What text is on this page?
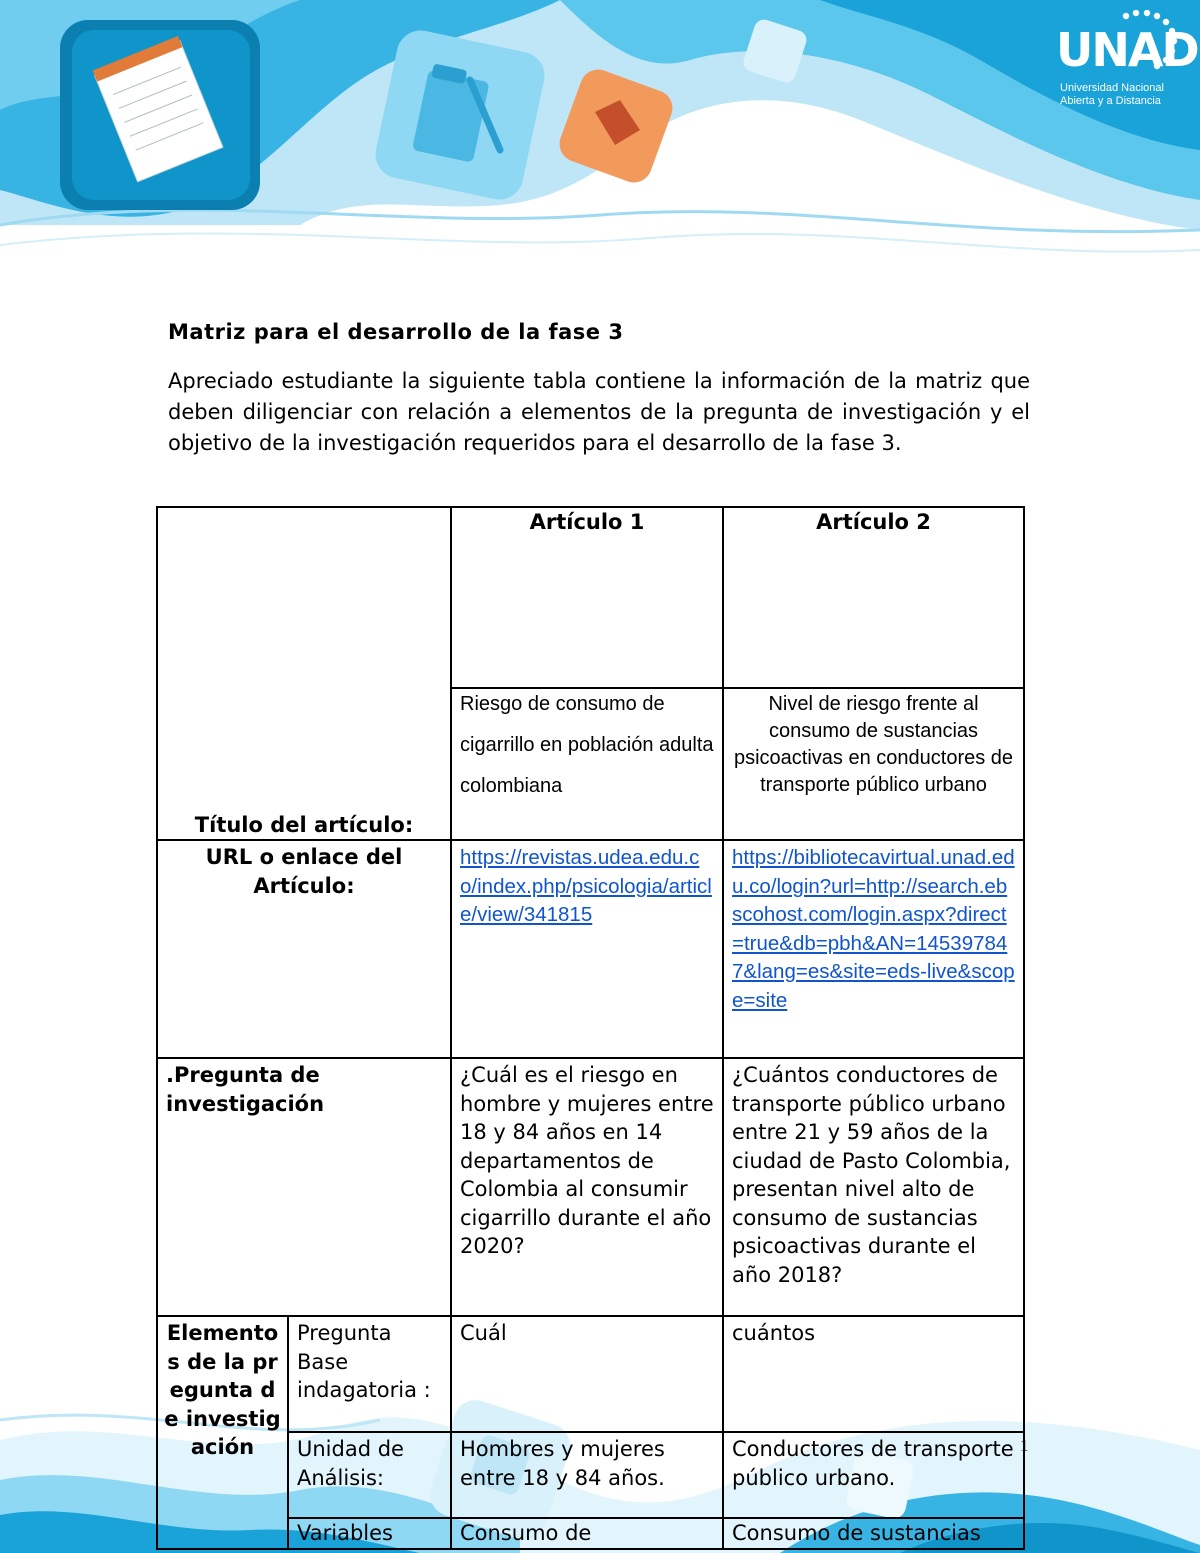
UNAD
Universidad Nacional
Abierta y a Distancia
Matriz para el desarrollo de la fase 3
Apreciado estudiante la siguiente tabla contiene la información de la matriz que deben diligenciar con relación a elementos de la pregunta de investigación y el objetivo de la investigación requeridos para el desarrollo de la fase 3.
Título del artículo:		Artículo 1	Artículo 2

		Riesgo de consumo de cigarrillo en población adulta colombiana	Nivel de riesgo frente al consumo de sustancias psicoactivas en conductores de transporte público urbano

URL o enlace del Artículo:		https://revistas.udea.edu.co/index.php/psicologia/article/view/341815	https://bibliotecavirtual.unad.edu.co/login?url=http://search.ebscohost.com/login.aspx?direct=true&db=pbh&AN=145397847&lang=es&site=eds-live&scope=site
.Pregunta de investigación		¿Cuál es el riesgo en hombre y mujeres entre 18 y 84 años en 14 departamentos de Colombia al consumir cigarrillo durante el año 2020?	¿Cuántos conductores de transporte público urbano entre 21 y 59 años de la ciudad de Pasto Colombia, presentan nivel alto de consumo de sustancias psicoactivas durante el año 2018?
Elementos de la pregunta de investigación	Pregunta Base indagatoria :	Cuál	cuántos
	Unidad de Análisis:	Hombres y mujeres entre 18 y 84 años.	Conductores de transporte público urbano.
	Variables	Consumo de	Consumo de sustancias
1
